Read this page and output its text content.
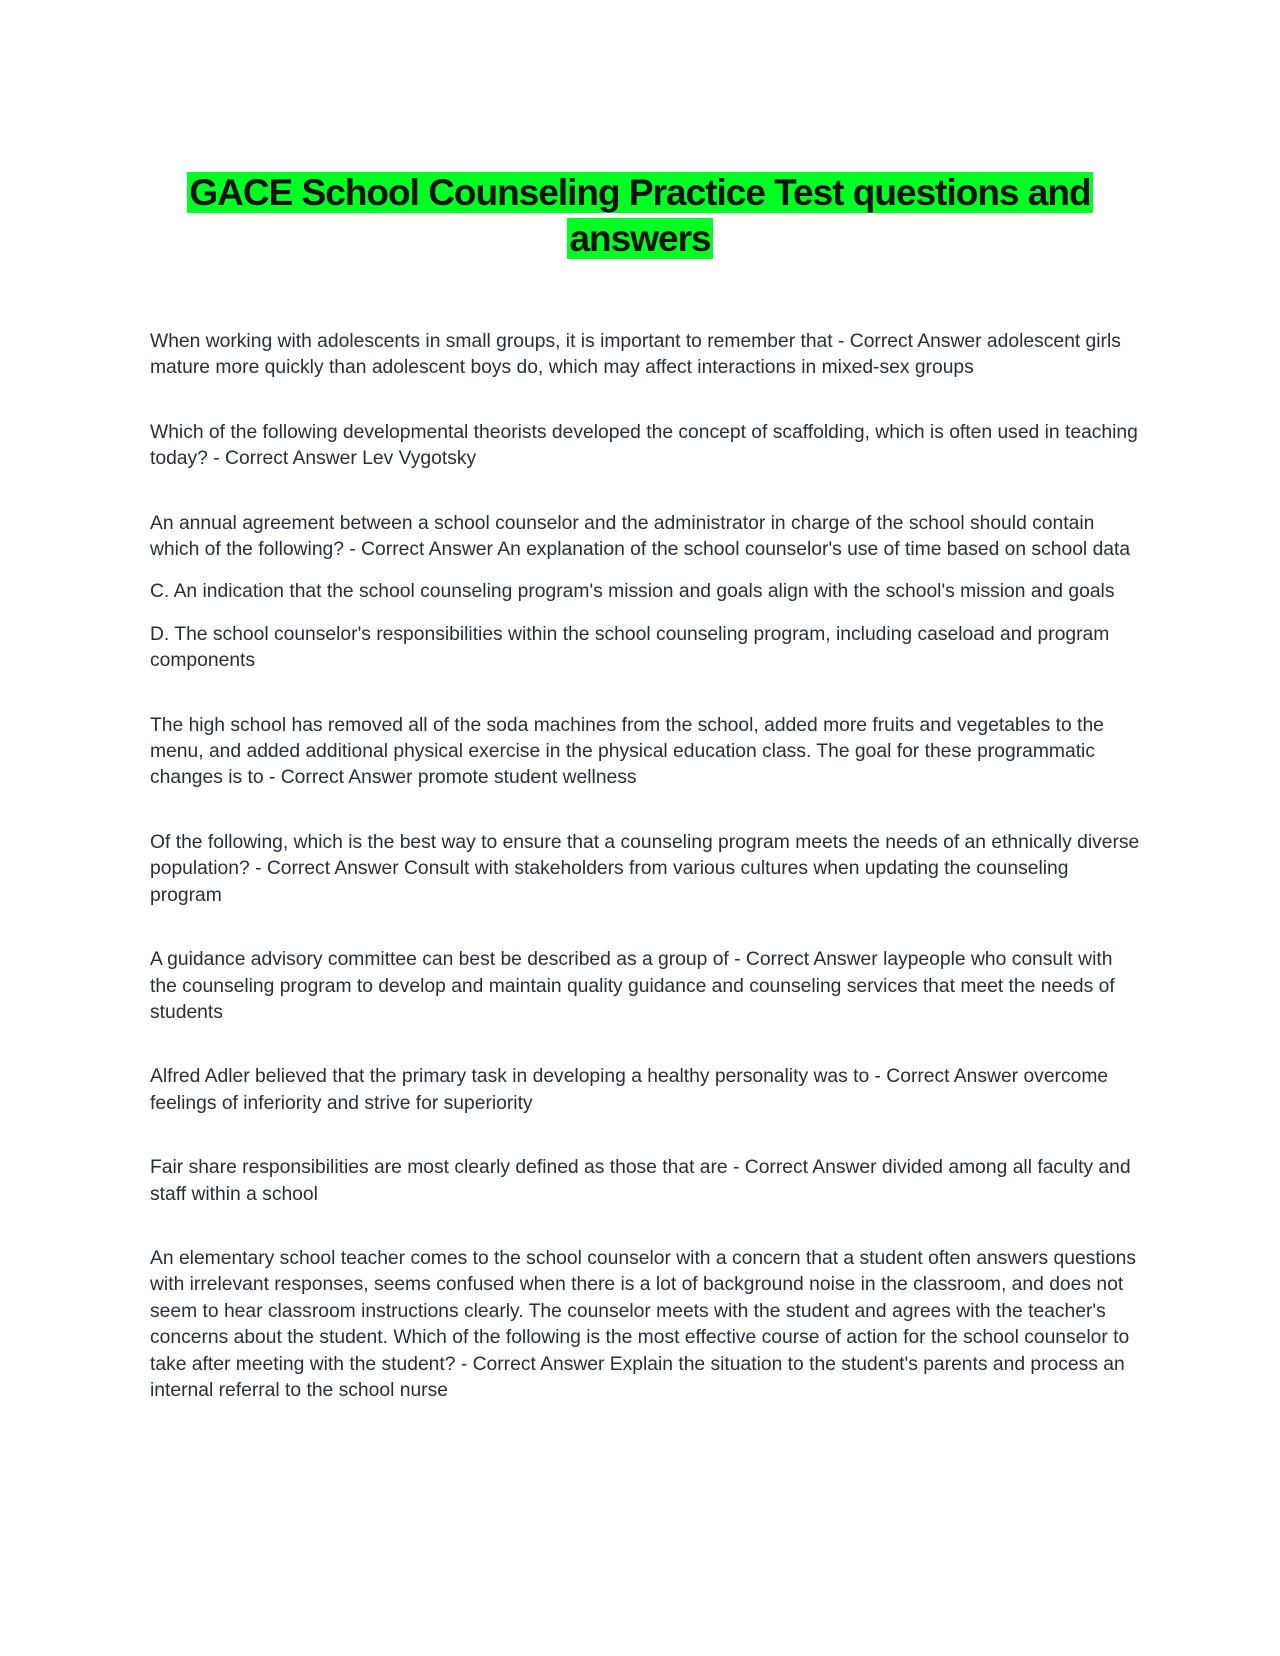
GACE School Counseling Practice Test questions and answers

When working with adolescents in small groups, it is important to remember that - Correct Answer adolescent girls mature more quickly than adolescent boys do, which may affect interactions in mixed-sex groups

Which of the following developmental theorists developed the concept of scaffolding, which is often used in teaching today? - Correct Answer Lev Vygotsky

An annual agreement between a school counselor and the administrator in charge of the school should contain which of the following? - Correct Answer An explanation of the school counselor's use of time based on school data

C. An indication that the school counseling program's mission and goals align with the school's mission and goals

D. The school counselor's responsibilities within the school counseling program, including caseload and program components

The high school has removed all of the soda machines from the school, added more fruits and vegetables to the menu, and added additional physical exercise in the physical education class. The goal for these programmatic changes is to - Correct Answer promote student wellness

Of the following, which is the best way to ensure that a counseling program meets the needs of an ethnically diverse population? - Correct Answer Consult with stakeholders from various cultures when updating the counseling program

A guidance advisory committee can best be described as a group of - Correct Answer laypeople who consult with the counseling program to develop and maintain quality guidance and counseling services that meet the needs of students

Alfred Adler believed that the primary task in developing a healthy personality was to - Correct Answer overcome feelings of inferiority and strive for superiority

Fair share responsibilities are most clearly defined as those that are - Correct Answer divided among all faculty and staff within a school

An elementary school teacher comes to the school counselor with a concern that a student often answers questions with irrelevant responses, seems confused when there is a lot of background noise in the classroom, and does not seem to hear classroom instructions clearly. The counselor meets with the student and agrees with the teacher's concerns about the student. Which of the following is the most effective course of action for the school counselor to take after meeting with the student? - Correct Answer Explain the situation to the student's parents and process an internal referral to the school nurse
